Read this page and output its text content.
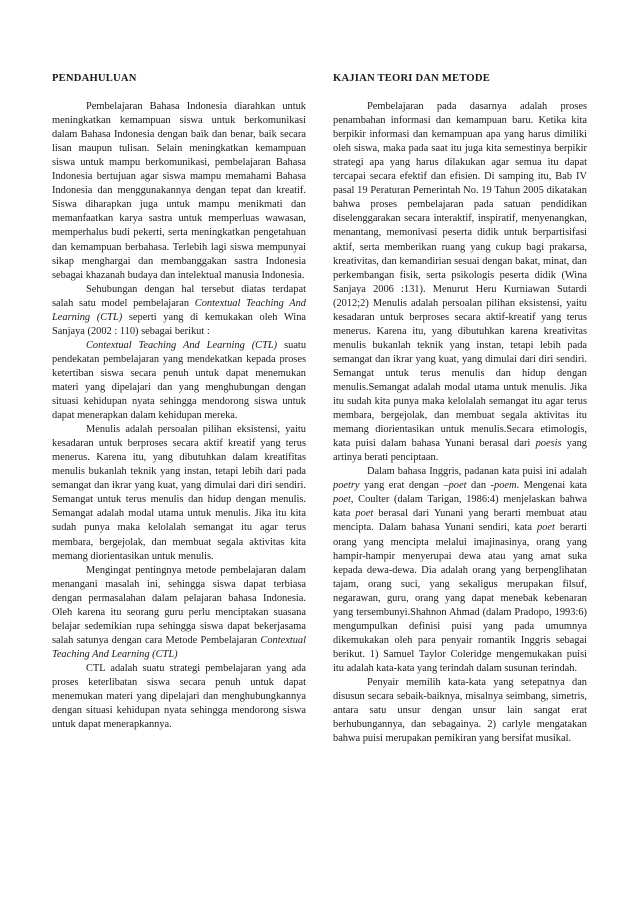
PENDAHULUAN

Pembelajaran Bahasa Indonesia diarahkan untuk meningkatkan kemampuan siswa untuk berkomunikasi dalam Bahasa Indonesia dengan baik dan benar, baik secara lisan maupun tulisan. Selain meningkatkan kemampuan siswa untuk mampu berkomunikasi, pembelajaran Bahasa Indonesia bertujuan agar siswa mampu memahami Bahasa Indonesia dan menggunakannya dengan tepat dan kreatif. Siswa diharapkan juga untuk mampu menikmati dan memanfaatkan karya sastra untuk memperluas wawasan, memperhalus budi pekerti, serta meningkatkan pengetahuan dan kemampuan berbahasa. Terlebih lagi siswa mempunyai sikap menghargai dan membanggakan sastra Indonesia sebagai khazanah budaya dan intelektual manusia Indonesia.

Sehubungan dengan hal tersebut diatas terdapat salah satu model pembelajaran Contextual Teaching And Learning (CTL) seperti yang di kemukakan oleh Wina Sanjaya (2002 : 110) sebagai berikut :

Contextual Teaching And Learning (CTL) suatu pendekatan pembelajaran yang mendekatkan kepada proses ketertiban siswa secara penuh untuk dapat menemukan materi yang dipelajari dan yang menghubungan dengan situasi kehidupan nyata sehingga mendorong siswa untuk dapat menerapkan dalam kehidupan mereka.

Menulis adalah persoalan pilihan eksistensi, yaitu kesadaran untuk berproses secara aktif kreatif yang terus menerus. Karena itu, yang dibutuhkan dalam kreatifitas menulis bukanlah teknik yang instan, tetapi lebih dari pada semangat dan ikrar yang kuat, yang dimulai dari diri sendiri. Semangat untuk terus menulis dan hidup dengan menulis. Semangat adalah modal utama untuk menulis. Jika itu kita sudah punya maka kelolalah semangat itu agar terus membara, bergejolak, dan membuat segala aktivitas kita memang diorientasikan untuk menulis.

Mengingat pentingnya metode pembelajaran dalam menangani masalah ini, sehingga siswa dapat terbiasa dengan permasalahan dalam pelajaran bahasa Indonesia. Oleh karena itu seorang guru perlu menciptakan suasana belajar sedemikian rupa sehingga siswa dapat bekerjasama salah satunya dengan cara Metode Pembelajaran Contextual Teaching And Learning (CTL)

CTL adalah suatu strategi pembelajaran yang ada proses keterlibatan siswa secara penuh untuk dapat menemukan materi yang dipelajari dan menghubungkannya dengan situasi kehidupan nyata sehingga mendorong siswa untuk dapat menerapkannya.

KAJIAN TEORI DAN METODE

Pembelajaran pada dasarnya adalah proses penambahan informasi dan kemampuan baru. Ketika kita berpikir informasi dan kemampuan apa yang harus dimiliki oleh siswa, maka pada saat itu juga kita semestinya berpikir strategi apa yang harus dilakukan agar semua itu dapat tercapai secara efektif dan efisien. Di samping itu, Bab IV pasal 19 Peraturan Pemerintah No. 19 Tahun 2005 dikatakan bahwa proses pembelajaran pada satuan pendidikan diselenggarakan secara interaktif, inspiratif, menyenangkan, menantang, memonivasi peserta didik untuk berpartisifasi aktif, serta memberikan ruang yang cukup bagi prakarsa, kreativitas, dan kemandirian sesuai dengan bakat, minat, dan perkembangan fisik, serta psikologis peserta didik (Wina Sanjaya 2006 :131). Menurut Heru Kurniawan Sutardi (2012;2) Menulis adalah persoalan pilihan eksistensi, yaitu kesadaran untuk berproses secara aktif-kreatif yang terus menerus. Karena itu, yang dibutuhkan karena kreativitas menulis bukanlah teknik yang instan, tetapi lebih pada semangat dan ikrar yang kuat, yang dimulai dari diri sendiri. Semangat untuk terus menulis dan hidup dengan menulis.Semangat adalah modal utama untuk menulis. Jika itu sudah kita punya maka kelolalah semangat itu agar terus membara, bergejolak, dan membuat segala aktivitas itu memang diorientasikan untuk menulis.Secara etimologis, kata puisi dalam bahasa Yunani berasal dari poesis yang artinya berati penciptaan.

Dalam bahasa Inggris, padanan kata puisi ini adalah poetry yang erat dengan –poet dan -poem. Mengenai kata poet, Coulter (dalam Tarigan, 1986:4) menjelaskan bahwa kata poet berasal dari Yunani yang berarti membuat atau mencipta. Dalam bahasa Yunani sendiri, kata poet berarti orang yang mencipta melalui imajinasinya, orang yang hampir-hampir menyerupai dewa atau yang amat suka kepada dewa-dewa. Dia adalah orang yang berpenglihatan tajam, orang suci, yang sekaligus merupakan filsuf, negarawan, guru, orang yang dapat menebak kebenaran yang tersembunyi.Shahnon Ahmad (dalam Pradopo, 1993:6) mengumpulkan definisi puisi yang pada umumnya dikemukakan oleh para penyair romantik Inggris sebagai berikut. 1) Samuel Taylor Coleridge mengemukakan puisi itu adalah kata-kata yang terindah dalam susunan terindah.

Penyair memilih kata-kata yang setepatnya dan disusun secara sebaik-baiknya, misalnya seimbang, simetris, antara satu unsur dengan unsur lain sangat erat berhubungannya, dan sebagainya. 2) carlyle mengatakan bahwa puisi merupakan pemikiran yang bersifat musikal.
